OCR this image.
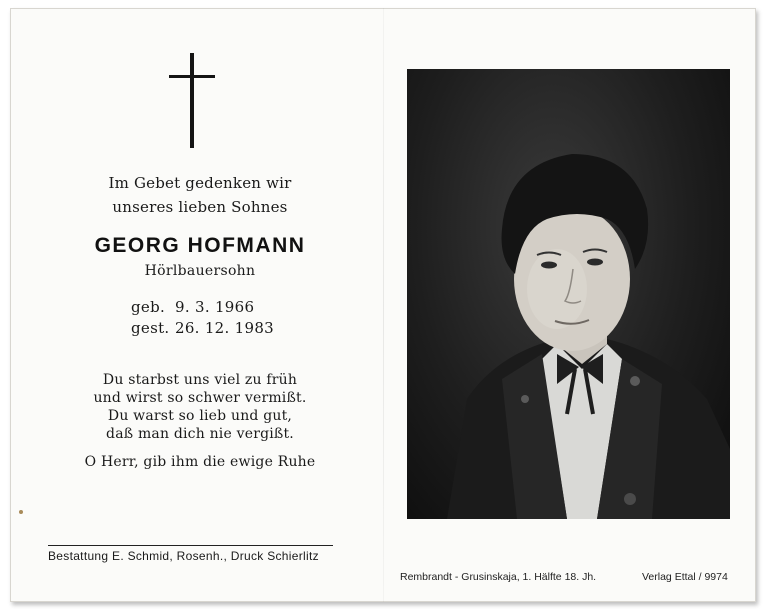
Im Gebet gedenken wir
unseres lieben Sohnes
GEORG HOFMANN
Hörlbauersohn
geb. 9. 3. 1966
gest. 26. 12. 1983
Du starbst uns viel zu früh
und wirst so schwer vermißt.
Du warst so lieb und gut,
daß man dich nie vergißt.
O Herr, gib ihm die ewige Ruhe
Bestattung E. Schmid, Rosenh., Druck Schierlitz
Rembrandt - Grusinskaja, 1. Hälfte 18. Jh.	Verlag Ettal / 9974
